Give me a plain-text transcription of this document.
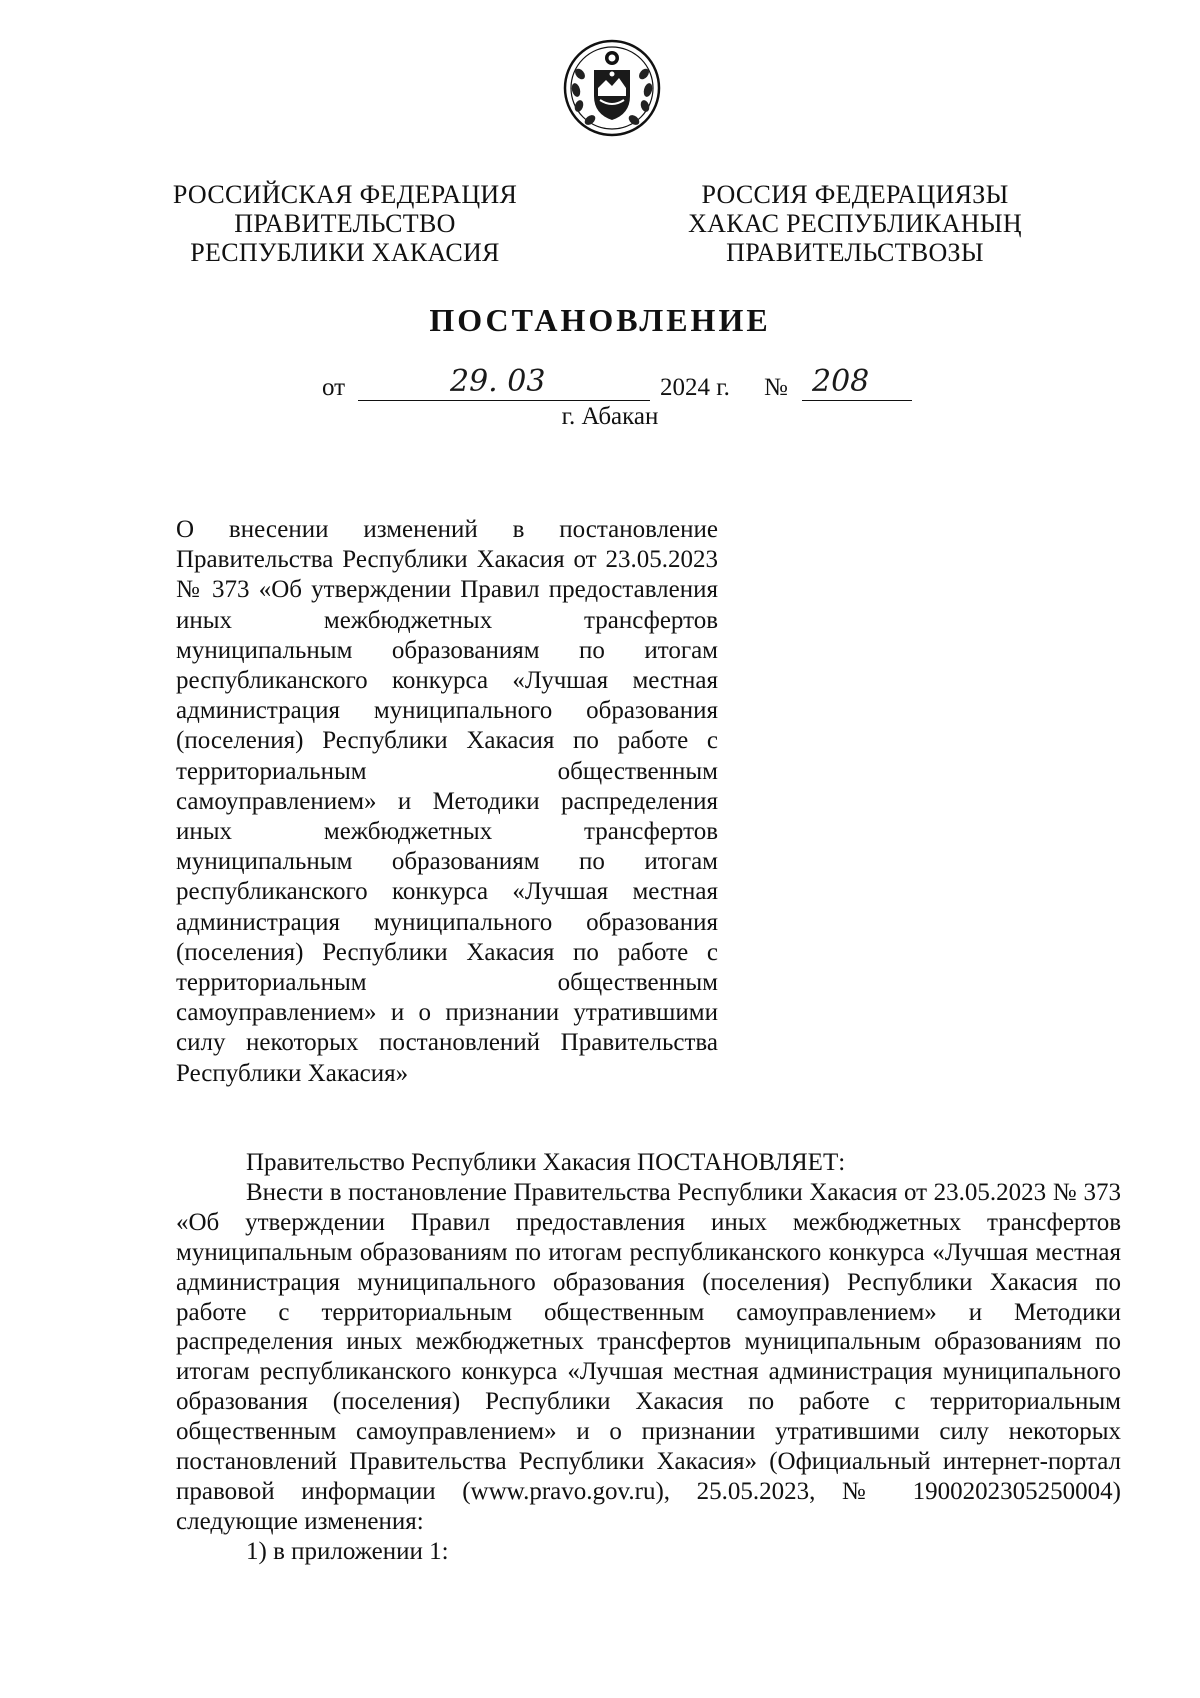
РОССИЙСКАЯ ФЕДЕРАЦИЯ
ПРАВИТЕЛЬСТВО
РЕСПУБЛИКИ ХАКАСИЯ
РОССИЯ ФЕДЕРАЦИЯЗЫ
ХАКАС РЕСПУБЛИКАНЫҢ
ПРАВИТЕЛЬСТВОЗЫ
ПОСТАНОВЛЕНИЕ
от	29. 03	2024 г. № 208
г. Абакан

О внесении изменений в постановление Правительства Республики Хакасия от 23.05.2023 № 373 «Об утверждении Правил предоставления иных межбюджетных трансфертов муниципальным образованиям по итогам республиканского конкурса «Лучшая местная администрация муниципального образования (поселения) Республики Хакасия по работе с территориальным общественным самоуправлением» и Методики распределения иных межбюджетных трансфертов муниципальным образованиям по итогам республиканского конкурса «Лучшая местная администрация муниципального образования (поселения) Республики Хакасия по работе с территориальным общественным самоуправлением» и о признании утратившими силу некоторых постановлений Правительства Республики Хакасия»

Правительство Республики Хакасия ПОСТАНОВЛЯЕТ:

Внести в постановление Правительства Республики Хакасия от 23.05.2023 № 373 «Об утверждении Правил предоставления иных межбюджетных трансфертов муниципальным образованиям по итогам республиканского конкурса «Лучшая местная администрация муниципального образования (поселения) Республики Хакасия по работе с территориальным общественным самоуправлением» и Методики распределения иных межбюджетных трансфертов муниципальным образованиям по итогам республиканского конкурса «Лучшая местная администрация муниципального образования (поселения) Республики Хакасия по работе с территориальным общественным самоуправлением» и о признании утратившими силу некоторых постановлений Правительства Республики Хакасия» (Официальный интернет-портал правовой информации (www.pravo.gov.ru), 25.05.2023, № 1900202305250004) следующие изменения:

1) в приложении 1:
